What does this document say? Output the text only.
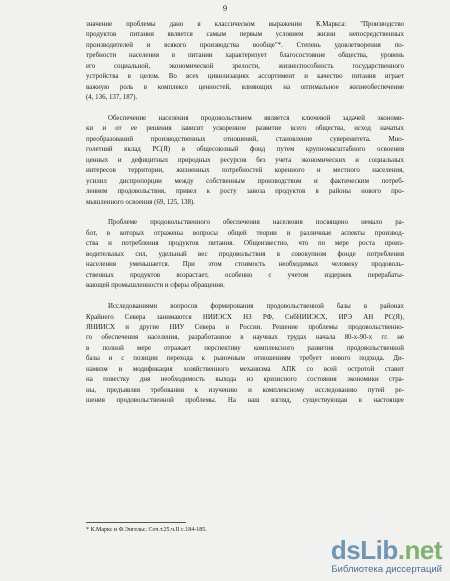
9
значение проблемы дано в классическом выражении К.Маркса: "Производство
продуктов питания является самым первым условием жизни непосредственных
производителей и всякого производства вообще"*. Степень удовлетворения по-
требности населения в питании характеризует благосостояние общества, уровень
его социальной, экономической зрелости, жизнеспособность государственного
устройства в целом. Во всех цивилизациях ассортимент и качество питания играет
важную роль в комплексе ценностей, влияющих на оптимальное жизнеобеспечение
(4, 136, 137, 187).
Обеспечение населения продовольствием является ключевой задачей экономи-
ки и от ее решения зависит ускоренное развитие всего общества, исход начатых
преобразований производственных отношений, становление суверенитета. Мно-
голетний вклад РС(Я) в общесоюзный фонд путем крупномасштабного освоения
ценных и дефицитных природных ресурсов без учета экономических и социальных
интересов территории, жизненных потребностей коренного и местного населения,
усилил диспропорции между собственным производством и фактическим потреб-
лением продовольствия, привел к росту завоза продуктов в районы нового про-
мышленного освоения (69, 125, 138).
Проблеме продовольственного обеспечения населения посвящено немало ра-
бот, в которых отражены вопросы общей теории и различные аспекты производ-
ства и потребления продуктов питания. Общеизвестно, что по мере роста произ-
водительных сил, удельный вес продовольствия в совокупном фонде потребления
населения уменьшается. При этом стоимость необходимых человеку продоволь-
ственных продуктов возрастает, особенно с учетом издержек перерабаты-
вающей промышленности и сферы обращения.
Исследованиями вопросов формирования продовольственной базы в районах
Крайнего Севера занимаются НИИЭСХ НЗ РФ, СибНИИЭСХ, ИРЭ АН РС(Я),
ЯНИИСХ и другие НИУ Севера и России. Решение проблемы продовольственно-
го обеспечения населения, разработанное в научных трудах начала 80-х-90-х гг. не
в полной мере отражает перспективу комплексного развития продовольственной
базы и с позиции перехода к рыночным отношениям требует нового подхода. Ди-
намизм и модификация хозяйственного механизма АПК со всей остротой ставит
на повестку дня необходимость выхода из кризисного состояния экономики стра-
ны, предъявляя требования к изучению и комплексному исследованию путей ре-
шения продовольственной проблемы. На наш взгляд, существующая в настоящее
* К.Маркс и Ф.Энгельс. Соч.т.25.ч.II с.184-185.
dsLib.net
Библиотека диссертаций
